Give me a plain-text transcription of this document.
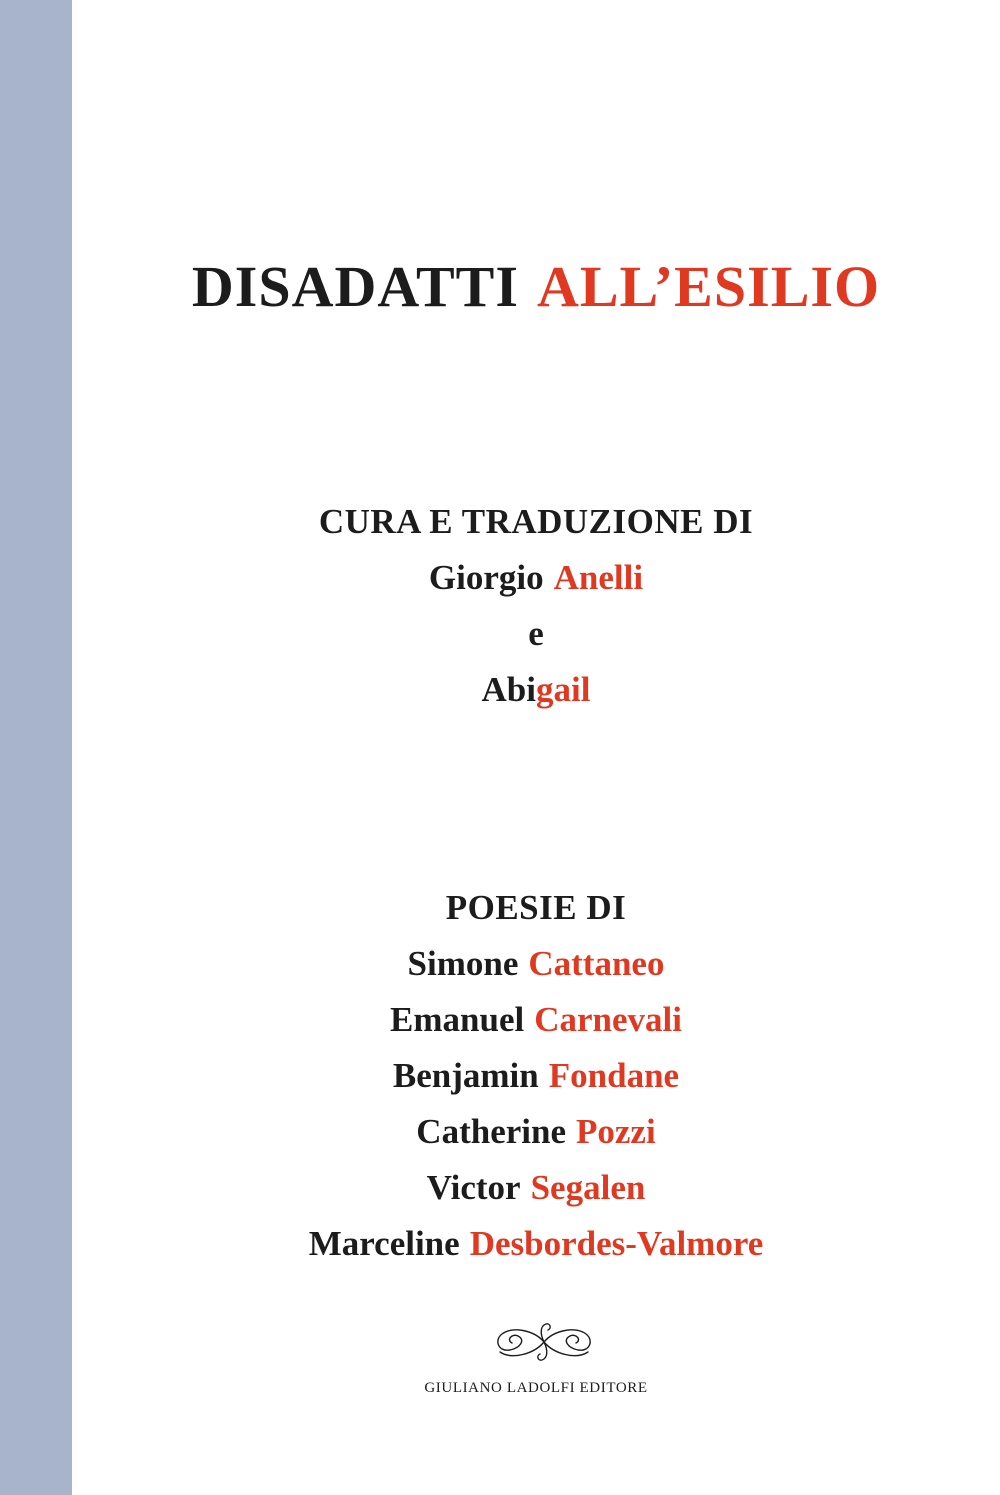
DISADATTI ALL’ESILIO
CURA E TRADUZIONE DI
Giorgio Anelli
e
Abigail
POESIE DI
Simone Cattaneo
Emanuel Carnevali
Benjamin Fondane
Catherine Pozzi
Victor Segalen
Marceline Desbordes-Valmore
GIULIANO LADOLFI EDITORE
